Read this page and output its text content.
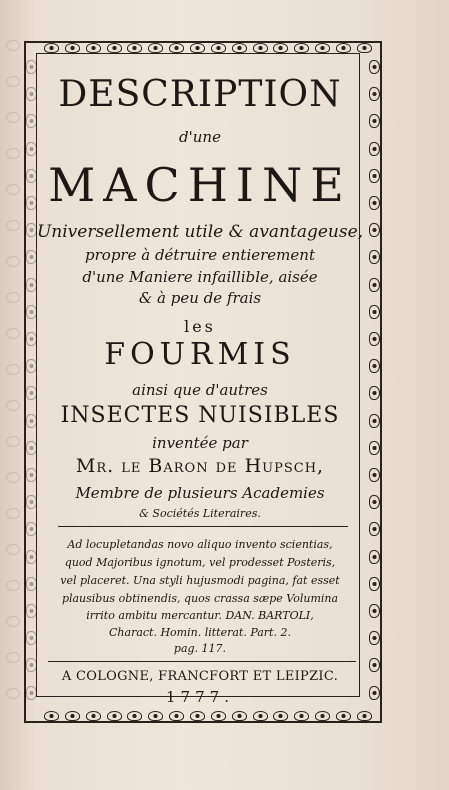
DESCRIPTION
d'une
MACHINE
Universellement utile & avantageuse,
propre à détruire entierement
d'une Maniere infaillible, aisée
& à peu de frais
les
FOURMIS
ainsi que d'autres
INSECTES NUISIBLES
inventée par
Mr. le Baron de Hupsch,
Membre de plusieurs Academies
& Sociétés Literaires.
Ad locupletandas novo aliquo invento scientias,
quod Majoribus ignotum, vel prodesset Posteris,
vel placeret. Una styli hujusmodi pagina, fat esset
plausibus obtinendis, quos crassa sæpe Volumina
irrito ambitu mercantur. DAN. BARTOLI,
Charact. Homin. litterat. Part. 2.
pag. 117.
A COLOGNE, FRANCFORT ET LEIPZIC.
1777.
